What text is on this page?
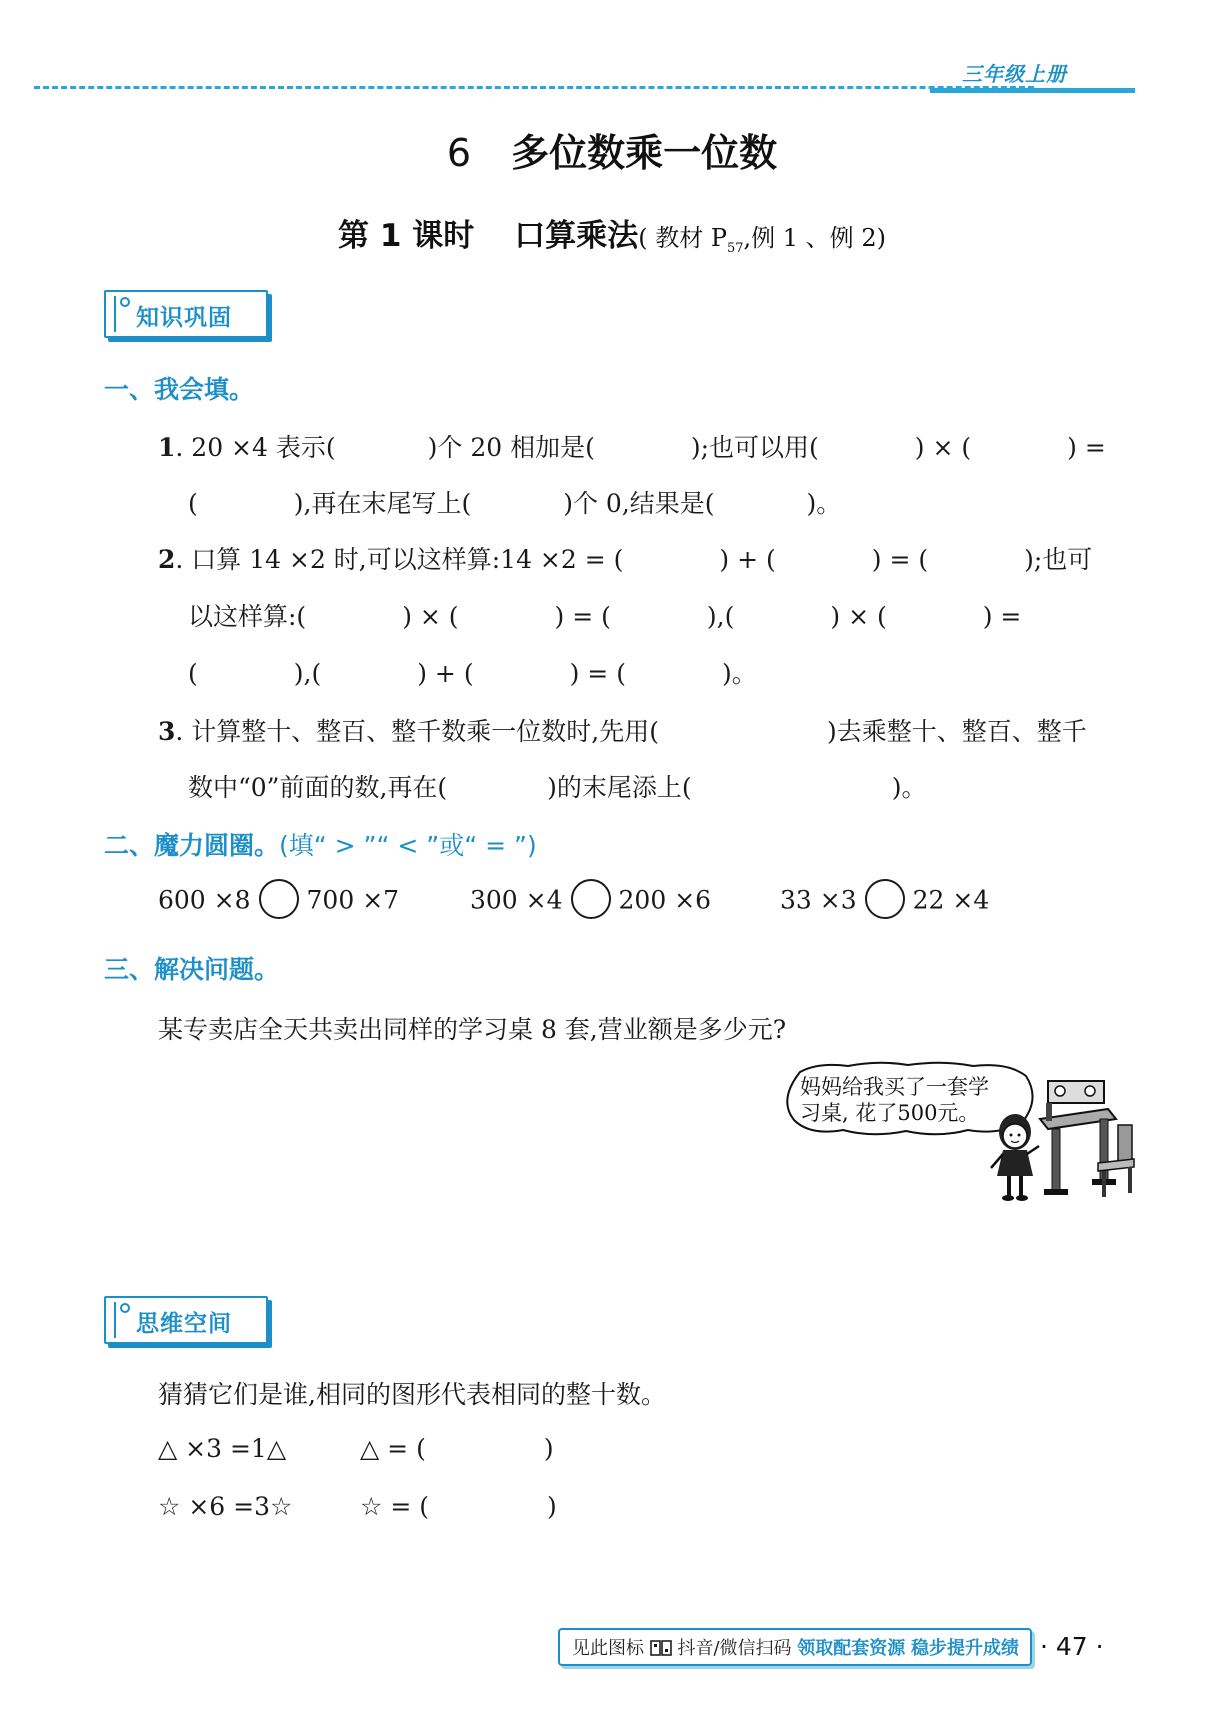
三年级上册
6 多位数乘一位数
第 1 课时 口算乘法( 教材 $P_{57}$,例 1 、例 2)
知识巩固
一、我会填。
1. 20 ×4 表示(	)个 20 相加是(	);也可以用(	) × (	) =
(	),再在末尾写上(	)个 0,结果是(	)。
2. 口算 14 ×2 时,可以这样算:14 ×2 = (	) + (	) = (	);也可
以这样算:(	) × (	) = (	),(	) × (	) =
(	),(	) + (	) = (	)。
3. 计算整十、整百、整千数乘一位数时,先用(	)去乘整十、整百、整千
数中“0”前面的数,再在(	)的末尾添上(	)。
二、魔力圆圈。(填“ > ”“ < ”或“ = ”)
600 ×8 700 ×7	300 ×4 200 ×6	33 ×3 22 ×4
三、解决问题。
某专卖店全天共卖出同样的学习桌 8 套,营业额是多少元?
妈妈给我买了一套学
习桌, 花了500元。
思维空间
猜猜它们是谁,相同的图形代表相同的整十数。
△ ×3 =1△	△ = (	)
☆ ×6 =3☆	☆ = (	)
见此图标 抖音/微信扫码 领取配套资源 稳步提升成绩 · 47 ·
